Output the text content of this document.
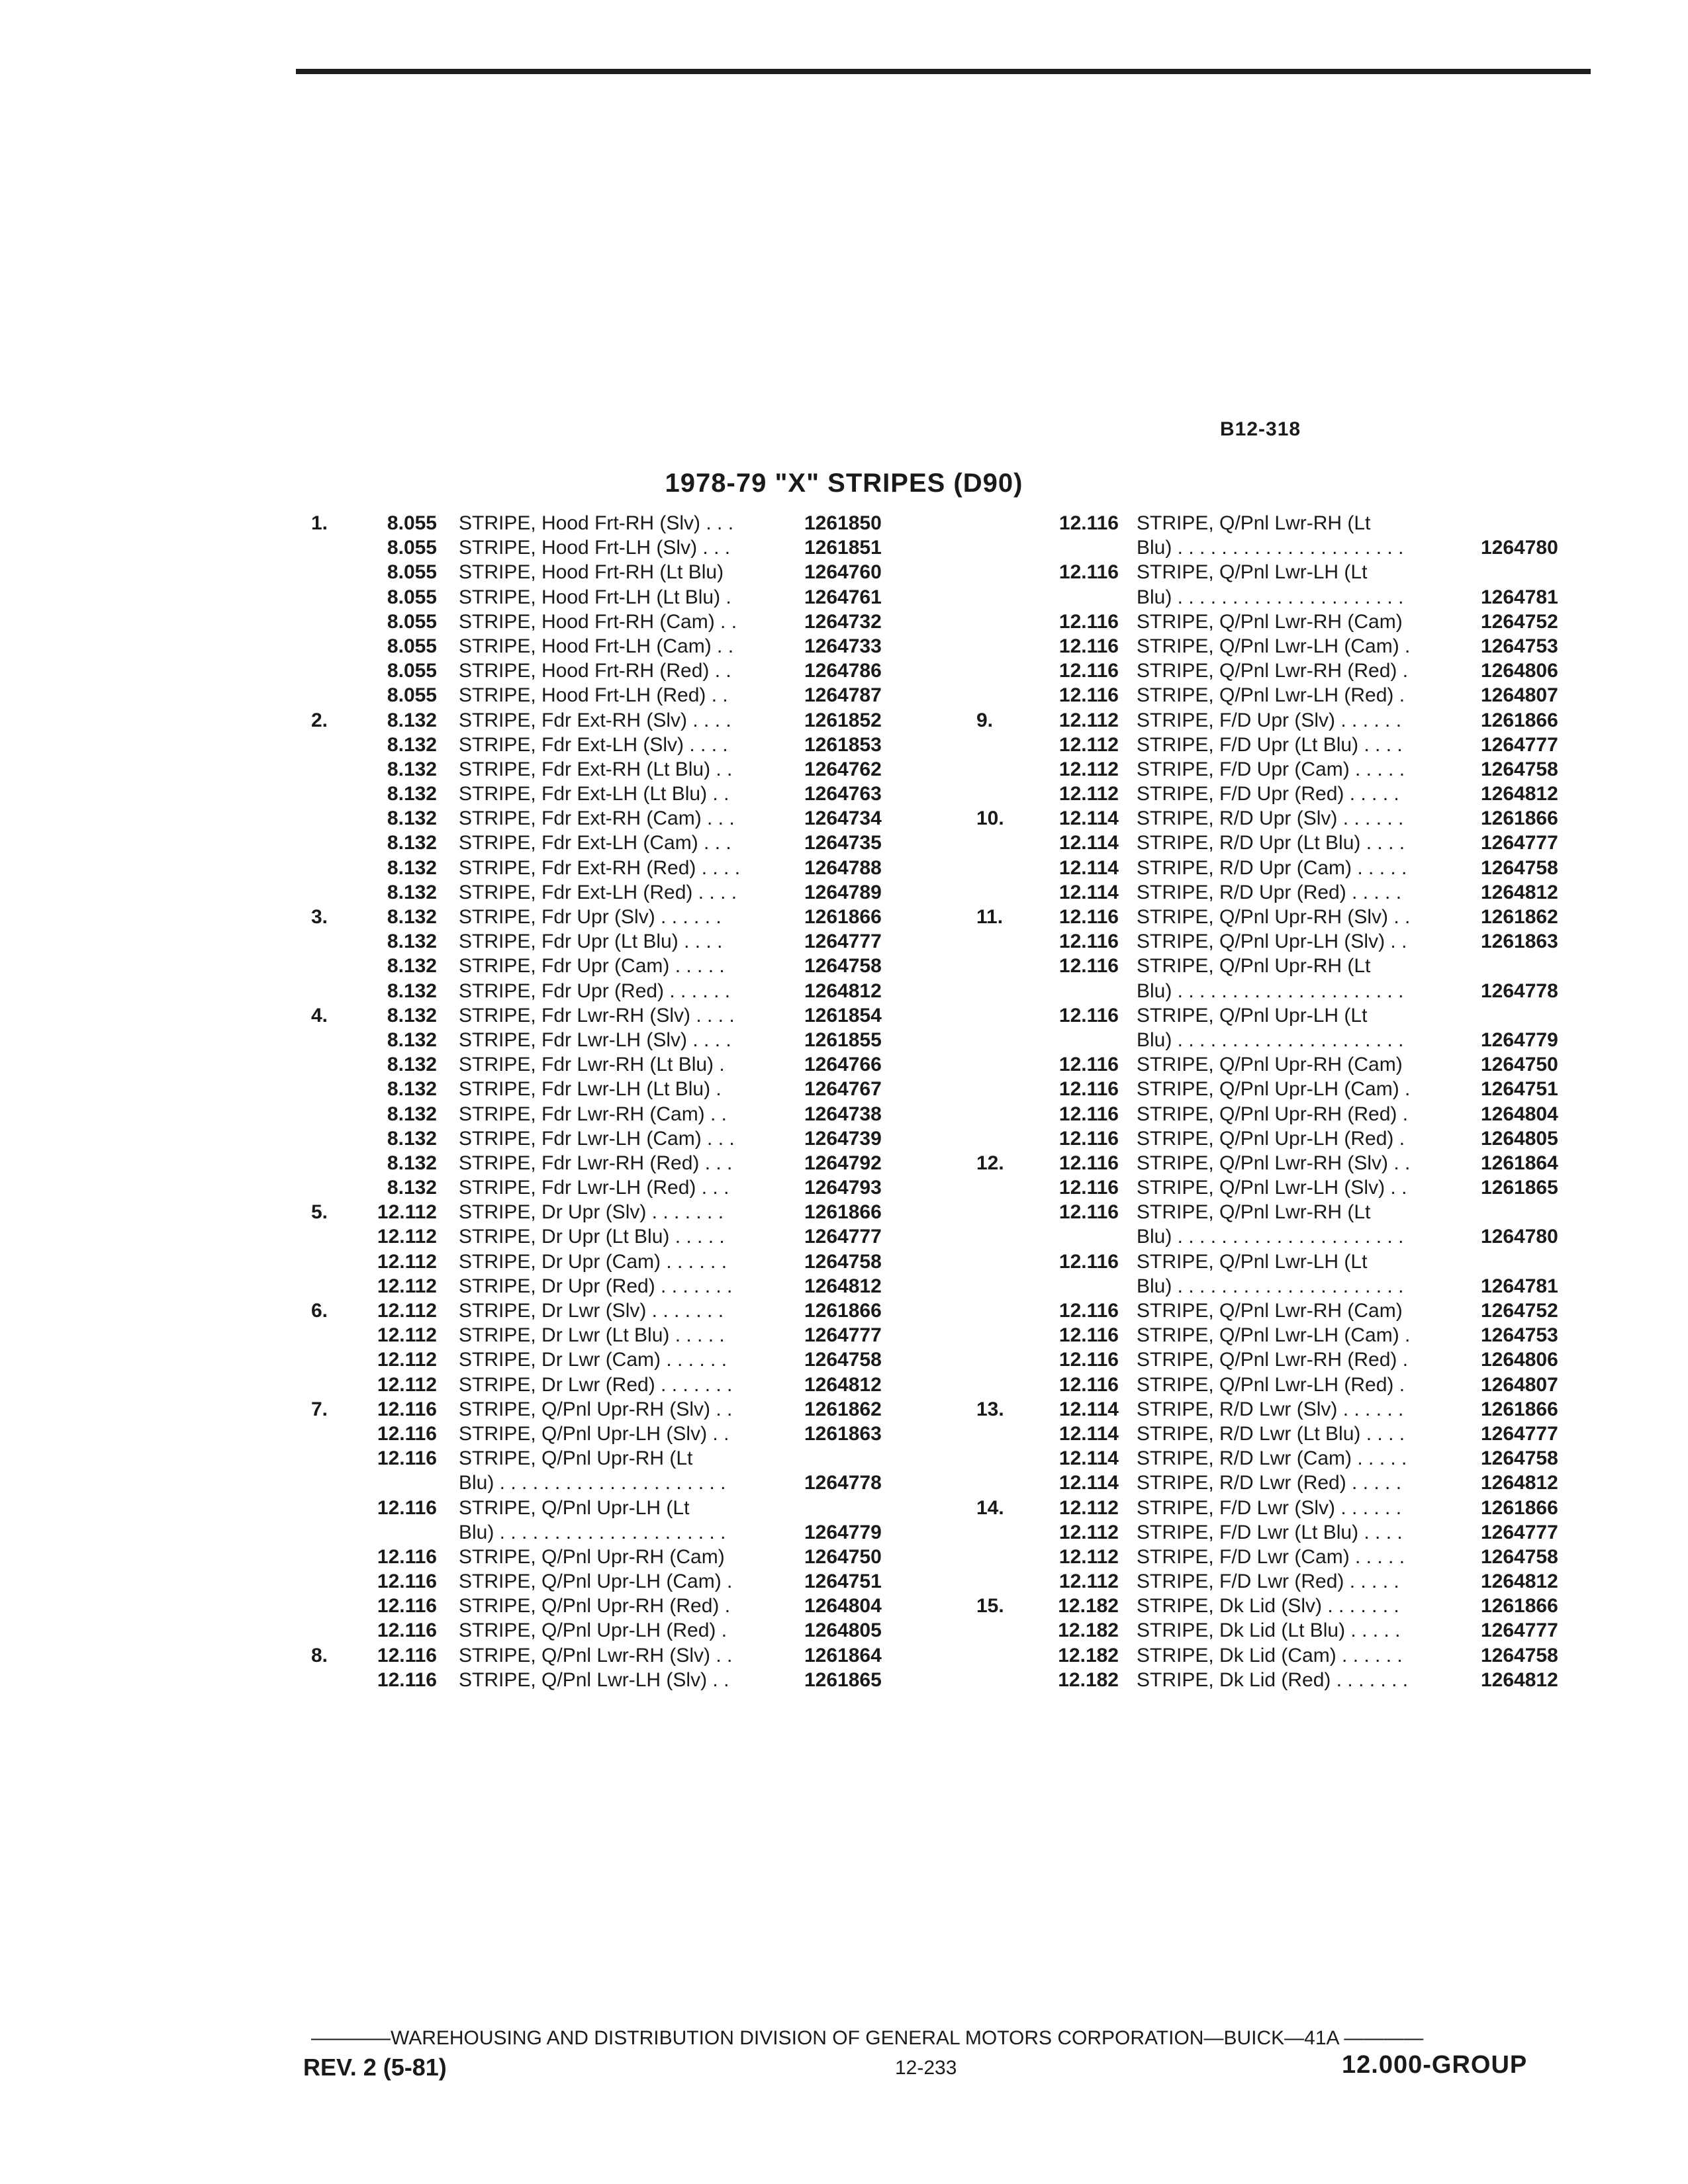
B12-318
1978-79 "X" STRIPES (D90)
1.	8.055 STRIPE, Hood Frt-RH (Slv) . . .	1261850
8.055 STRIPE, Hood Frt-LH (Slv) . . .	1261851
8.055 STRIPE, Hood Frt-RH (Lt Blu)	1264760
8.055 STRIPE, Hood Frt-LH (Lt Blu) .	1264761
8.055 STRIPE, Hood Frt-RH (Cam) . .	1264732
8.055 STRIPE, Hood Frt-LH (Cam) . .	1264733
8.055 STRIPE, Hood Frt-RH (Red) . .	1264786
8.055 STRIPE, Hood Frt-LH (Red) . .	1264787
2.	8.132 STRIPE, Fdr Ext-RH (Slv) . . . .	1261852
8.132 STRIPE, Fdr Ext-LH (Slv) . . . .	1261853
8.132 STRIPE, Fdr Ext-RH (Lt Blu) . .	1264762
8.132 STRIPE, Fdr Ext-LH (Lt Blu) . .	1264763
8.132 STRIPE, Fdr Ext-RH (Cam) . . .	1264734
8.132 STRIPE, Fdr Ext-LH (Cam) . . .	1264735
8.132 STRIPE, Fdr Ext-RH (Red) . . . .	1264788
8.132 STRIPE, Fdr Ext-LH (Red) . . . .	1264789
3.	8.132 STRIPE, Fdr Upr (Slv) . . . . . .	1261866
8.132 STRIPE, Fdr Upr (Lt Blu) . . . .	1264777
8.132 STRIPE, Fdr Upr (Cam) . . . . .	1264758
8.132 STRIPE, Fdr Upr (Red) . . . . . .	1264812
4.	8.132 STRIPE, Fdr Lwr-RH (Slv) . . . .	1261854
8.132 STRIPE, Fdr Lwr-LH (Slv) . . . .	1261855
8.132 STRIPE, Fdr Lwr-RH (Lt Blu) .	1264766
8.132 STRIPE, Fdr Lwr-LH (Lt Blu) .	1264767
8.132 STRIPE, Fdr Lwr-RH (Cam) . .	1264738
8.132 STRIPE, Fdr Lwr-LH (Cam) . . .	1264739
8.132 STRIPE, Fdr Lwr-RH (Red) . . .	1264792
8.132 STRIPE, Fdr Lwr-LH (Red) . . .	1264793
5. 12.112 STRIPE, Dr Upr (Slv) . . . . . . .	1261866
12.112 STRIPE, Dr Upr (Lt Blu) . . . . .	1264777
12.112 STRIPE, Dr Upr (Cam) . . . . . .	1264758
12.112 STRIPE, Dr Upr (Red) . . . . . . .	1264812
6. 12.112 STRIPE, Dr Lwr (Slv) . . . . . . .	1261866
12.112 STRIPE, Dr Lwr (Lt Blu) . . . . .	1264777
12.112 STRIPE, Dr Lwr (Cam) . . . . . .	1264758
12.112 STRIPE, Dr Lwr (Red) . . . . . . .	1264812
7. 12.116 STRIPE, Q/Pnl Upr-RH (Slv) . .	1261862
12.116 STRIPE, Q/Pnl Upr-LH (Slv) . .	1261863
12.116 STRIPE, Q/Pnl Upr-RH (Lt
Blu) . . . . . . . . . . . . . . . . . . . . .	1264778
12.116 STRIPE, Q/Pnl Upr-LH (Lt
Blu) . . . . . . . . . . . . . . . . . . . . .	1264779
12.116 STRIPE, Q/Pnl Upr-RH (Cam)	1264750
12.116 STRIPE, Q/Pnl Upr-LH (Cam) .	1264751
12.116 STRIPE, Q/Pnl Upr-RH (Red) .	1264804
12.116 STRIPE, Q/Pnl Upr-LH (Red) .	1264805
8. 12.116 STRIPE, Q/Pnl Lwr-RH (Slv) . .	1261864
12.116 STRIPE, Q/Pnl Lwr-LH (Slv) . .	1261865
12.116 STRIPE, Q/Pnl Lwr-RH (Lt
Blu) . . . . . . . . . . . . . . . . . . . . .	1264780
12.116 STRIPE, Q/Pnl Lwr-LH (Lt
Blu) . . . . . . . . . . . . . . . . . . . . .	1264781
12.116 STRIPE, Q/Pnl Lwr-RH (Cam)	1264752
12.116 STRIPE, Q/Pnl Lwr-LH (Cam) .	1264753
12.116 STRIPE, Q/Pnl Lwr-RH (Red) .	1264806
12.116 STRIPE, Q/Pnl Lwr-LH (Red) .	1264807
9.	12.112 STRIPE, F/D Upr (Slv) . . . . . .	1261866
12.112 STRIPE, F/D Upr (Lt Blu) . . . .	1264777
12.112 STRIPE, F/D Upr (Cam) . . . . .	1264758
12.112 STRIPE, F/D Upr (Red) . . . . .	1264812
10.	12.114 STRIPE, R/D Upr (Slv) . . . . . .	1261866
12.114 STRIPE, R/D Upr (Lt Blu) . . . .	1264777
12.114 STRIPE, R/D Upr (Cam) . . . . .	1264758
12.114 STRIPE, R/D Upr (Red) . . . . .	1264812
11.	12.116 STRIPE, Q/Pnl Upr-RH (Slv) . .	1261862
12.116 STRIPE, Q/Pnl Upr-LH (Slv) . .	1261863
12.116 STRIPE, Q/Pnl Upr-RH (Lt
Blu) . . . . . . . . . . . . . . . . . . . . .	1264778
12.116 STRIPE, Q/Pnl Upr-LH (Lt
Blu) . . . . . . . . . . . . . . . . . . . . .	1264779
12.116 STRIPE, Q/Pnl Upr-RH (Cam)	1264750
12.116 STRIPE, Q/Pnl Upr-LH (Cam) .	1264751
12.116 STRIPE, Q/Pnl Upr-RH (Red) .	1264804
12.116 STRIPE, Q/Pnl Upr-LH (Red) .	1264805
12.	12.116 STRIPE, Q/Pnl Lwr-RH (Slv) . .	1261864
12.116 STRIPE, Q/Pnl Lwr-LH (Slv) . .	1261865
12.116 STRIPE, Q/Pnl Lwr-RH (Lt
Blu) . . . . . . . . . . . . . . . . . . . . .	1264780
12.116 STRIPE, Q/Pnl Lwr-LH (Lt
Blu) . . . . . . . . . . . . . . . . . . . . .	1264781
12.116 STRIPE, Q/Pnl Lwr-RH (Cam)	1264752
12.116 STRIPE, Q/Pnl Lwr-LH (Cam) .	1264753
12.116 STRIPE, Q/Pnl Lwr-RH (Red) .	1264806
12.116 STRIPE, Q/Pnl Lwr-LH (Red) .	1264807
13.	12.114 STRIPE, R/D Lwr (Slv) . . . . . .	1261866
12.114 STRIPE, R/D Lwr (Lt Blu) . . . .	1264777
12.114 STRIPE, R/D Lwr (Cam) . . . . .	1264758
12.114 STRIPE, R/D Lwr (Red) . . . . .	1264812
14.	12.112 STRIPE, F/D Lwr (Slv) . . . . . .	1261866
12.112 STRIPE, F/D Lwr (Lt Blu) . . . .	1264777
12.112 STRIPE, F/D Lwr (Cam) . . . . .	1264758
12.112 STRIPE, F/D Lwr (Red) . . . . .	1264812
15.	12.182 STRIPE, Dk Lid (Slv) . . . . . . .	1261866
12.182 STRIPE, Dk Lid (Lt Blu) . . . . .	1264777
12.182 STRIPE, Dk Lid (Cam) . . . . . .	1264758
12.182 STRIPE, Dk Lid (Red) . . . . . . .	1264812
————WAREHOUSING AND DISTRIBUTION DIVISION OF GENERAL MOTORS CORPORATION—BUICK—41A ————
REV. 2 (5-81)	12-233	12.000-GROUP
